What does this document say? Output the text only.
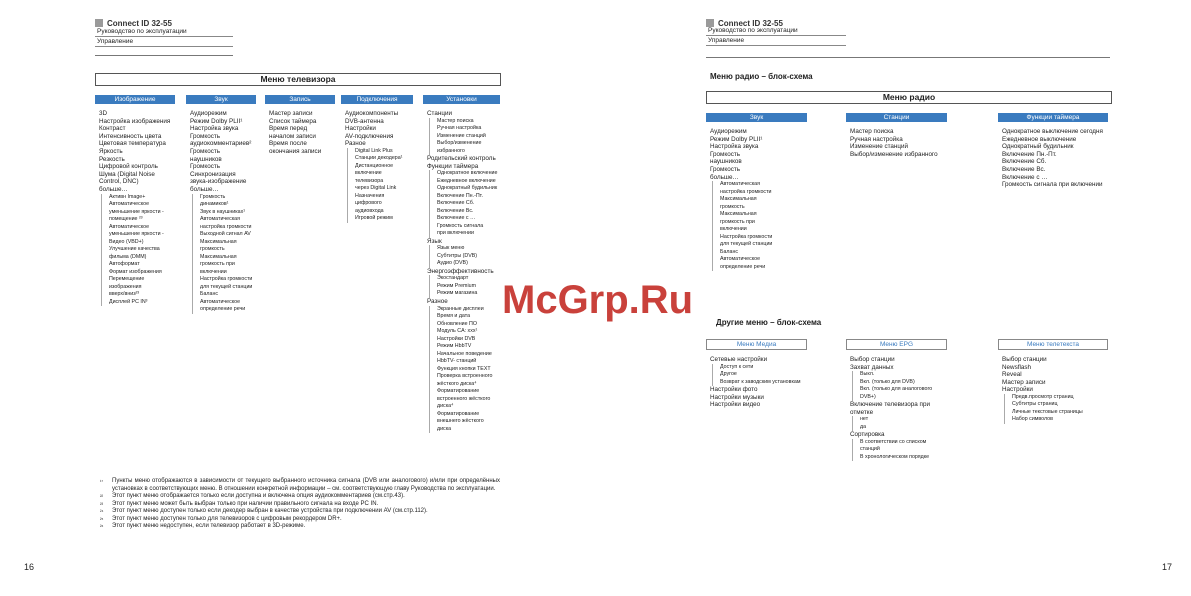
Connect ID 32-55
Руководство по эксплуатации
Управление
Меню телевизора
Изображение
3D
Настройка изображения
Контраст
Интенсивность цвета
Цветовая температура
Яркость
Резкость
Цифровой контроль
Шума (Digital Noise
Control, DNC)
больше…
Активн Image+
Автоматическое
уменьшение яркости -
помещение ²³
Автоматическое
уменьшение яркости -
Видео (VBD+)
Улучшение качества
фильма (DMM)
Автоформат
Формат изображения
Перемещение
изображения
вверх/вниз²³
Дисплей PC IN³
Звук
Аудиорежим
Режим Dolby PLII¹
Настройка звука
Громкость
аудиокомментариев²
Громкость
наушников
Громкость
Синхронизация
звука-изображение
больше…
Громкость
динамиков¹
Звук в наушниках¹
Автоматическая
настройка громкости
Выходной сигнал AV
Максимальная
громкость
Максимальная
громкость при
включении
Настройка громкости
для текущей станции
Баланс
Автоматическое
определение речи
Запись
Мастер записи
Список таймера
Время перед
началом записи
Время после
окончания записи
Подключения
Аудиокомпоненты
DVB-антенна
Настройки
AV-подключения
Разное
Digital Link Plus
Станции декодера¹
Дистанционное
включение
телевизора
через Digital Link
Назначения
цифрового
аудиовхода
Игровой режим
Установки
Станции
Мастер поиска
Ручная настройка
Изменение станций
Выбор/изменение
избранного
Родительский контроль
Функции таймера
Однократное включение
Ежедневное включение
Однократный будильник
Включение Пн.-Пт.
Включение Сб.
Включение Вс.
Включение с …
Громкость сигнала
при включении
Язык
Язык меню
Субтитры (DVB)
Аудио (DVB)
Энергоэффективность
Экостандарт
Режим Premium
Режим магазина
Разное
Экранные дисплеи
Время и дата
Обновление ПО
Модуль CA: xxx¹
Настройки DVB
Режим HbbTV
Начальное поведение
HbbTV- станций
Функция кнопки TEXT
Проверка встроенного
жёсткого диска⁴
Форматирование
встроенного жёсткого
диска⁴
Форматирование
внешнего жёсткого
диска
¹⁷	Пункты меню отображаются в зависимости от текущего выбранного источника сигнала (DVB или аналогового) и/или при определённых установках в соответствующих меню. В отношении конкретной информации – см. соответствующую главу Руководства по эксплуатации.
²²	Этот пункт меню отображается только если доступна и включена опция аудиокомментариев (см.стр.43).
²³	Этот пункт меню может быть выбран только при наличии правильного сигнала на входе PC IN.
²⁴	Этот пункт меню доступен только если декодер выбран в качестве устройства при подключении AV (см.стр.112).
²⁵	Этот пункт меню доступен только для телевизоров с цифровым рекордером DR+.
²⁶	Этот пункт меню недоступен, если телевизор работает в 3D-режиме.
16
Connect ID 32-55
Руководство по эксплуатации
Управление
Меню радио – блок-схема
Меню радио
Звук
Аудиорежим
Режим Dolby PLII¹
Настройка звука
Громкость
наушников
Громкость
больше…
Автоматическая
настройка громкости
Максимальная
громкость
Максимальная
громкость при
включении
Настройка громкости
для текущей станции
Баланс
Автоматическое
определение речи
Станции
Мастер поиска
Ручная настройка
Изменение станций
Выбор/изменение избранного
Функции таймера
Однократное выключение сегодня
Ежедневное выключение
Однократный будильник
Включение Пн.-Пт.
Включение Сб.
Включение Вс.
Включение с …
Громкость сигнала при включении
Другие меню – блок-схема
Меню Медиа
Сетевые настройки
Доступ к сети
Другое
Возврат к заводским установкам
Настройки фото
Настройки музыки
Настройки видео
Меню EPG
Выбор станции
Захват данных
Выкл.
Вкл. (только для DVB)
Вкл. (только для аналогового
DVB+)
Включение телевизора при
отметке
нет
да
Сортировка
В соответствии со списком
станций
В хронологическом порядке
Меню телетекста
Выбор станции
Newsflash
Reveal
Мастер записи
Настройки
Предв.просмотр страниц
Субтитры страниц
Личные текстовые страницы
Набор символов
17
McGrp.Ru
